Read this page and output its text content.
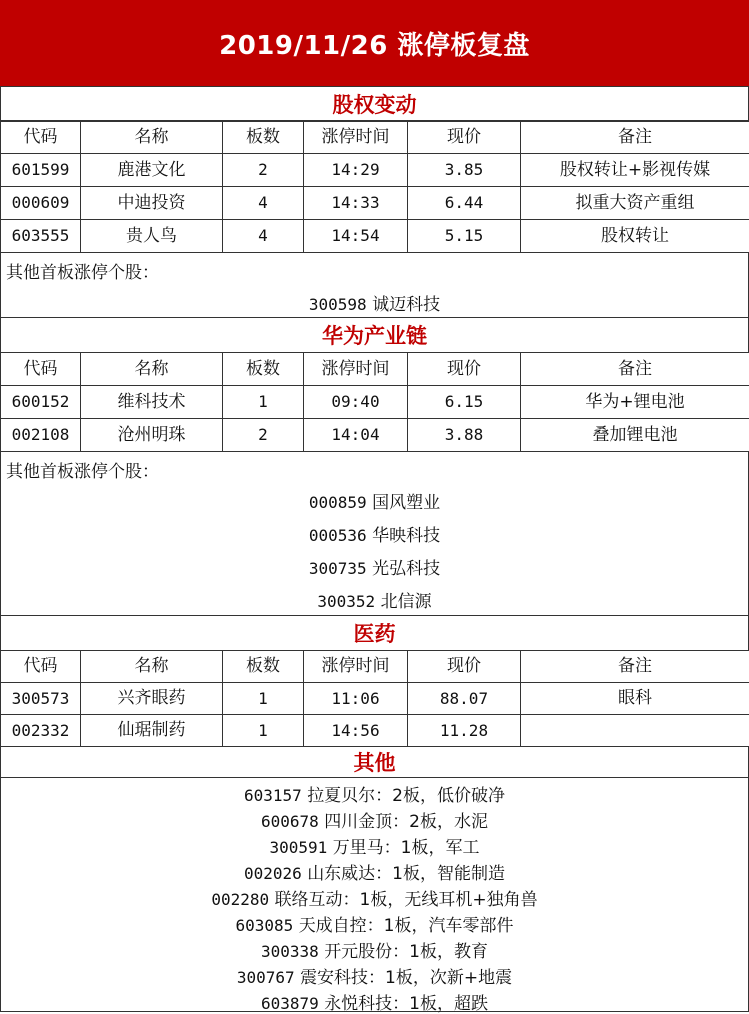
2019/11/26 涨停板复盘
股权变动
代码	名称	板数	涨停时间	现价	备注
601599	鹿港文化	2	14:29	3.85	股权转让+影视传媒
000609	中迪投资	4	14:33	6.44	拟重大资产重组
603555	贵人鸟	4	14:54	5.15	股权转让
其他首板涨停个股：
300598 诚迈科技
华为产业链
代码	名称	板数	涨停时间	现价	备注
600152	维科技术	1	09:40	6.15	华为+锂电池
002108	沧州明珠	2	14:04	3.88	叠加锂电池
其他首板涨停个股：
000859 国风塑业
000536 华映科技
300735 光弘科技
300352 北信源
医药
代码	名称	板数	涨停时间	现价	备注
300573	兴齐眼药	1	11:06	88.07	眼科
002332	仙琚制药	1	14:56	11.28	
其他
603157 拉夏贝尔：2板，低价破净
600678 四川金顶：2板，水泥
300591 万里马：1板，军工
002026 山东威达：1板，智能制造
002280 联络互动：1板，无线耳机+独角兽
603085 天成自控：1板，汽车零部件
300338 开元股份：1板，教育
300767 震安科技：1板，次新+地震
603879 永悦科技：1板，超跌
